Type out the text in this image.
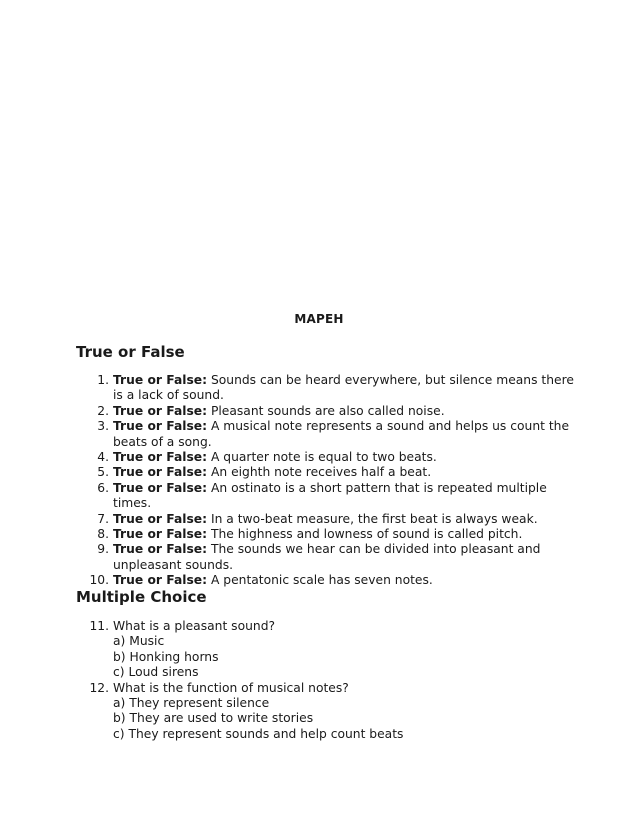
MAPEH
True or False
1. True or False: Sounds can be heard everywhere, but silence means there is a lack of sound.
2. True or False: Pleasant sounds are also called noise.
3. True or False: A musical note represents a sound and helps us count the beats of a song.
4. True or False: A quarter note is equal to two beats.
5. True or False: An eighth note receives half a beat.
6. True or False: An ostinato is a short pattern that is repeated multiple times.
7. True or False: In a two-beat measure, the first beat is always weak.
8. True or False: The highness and lowness of sound is called pitch.
9. True or False: The sounds we hear can be divided into pleasant and unpleasant sounds.
10. True or False: A pentatonic scale has seven notes.
Multiple Choice
11. What is a pleasant sound?
a) Music
b) Honking horns
c) Loud sirens
12. What is the function of musical notes?
a) They represent silence
b) They are used to write stories
c) They represent sounds and help count beats
